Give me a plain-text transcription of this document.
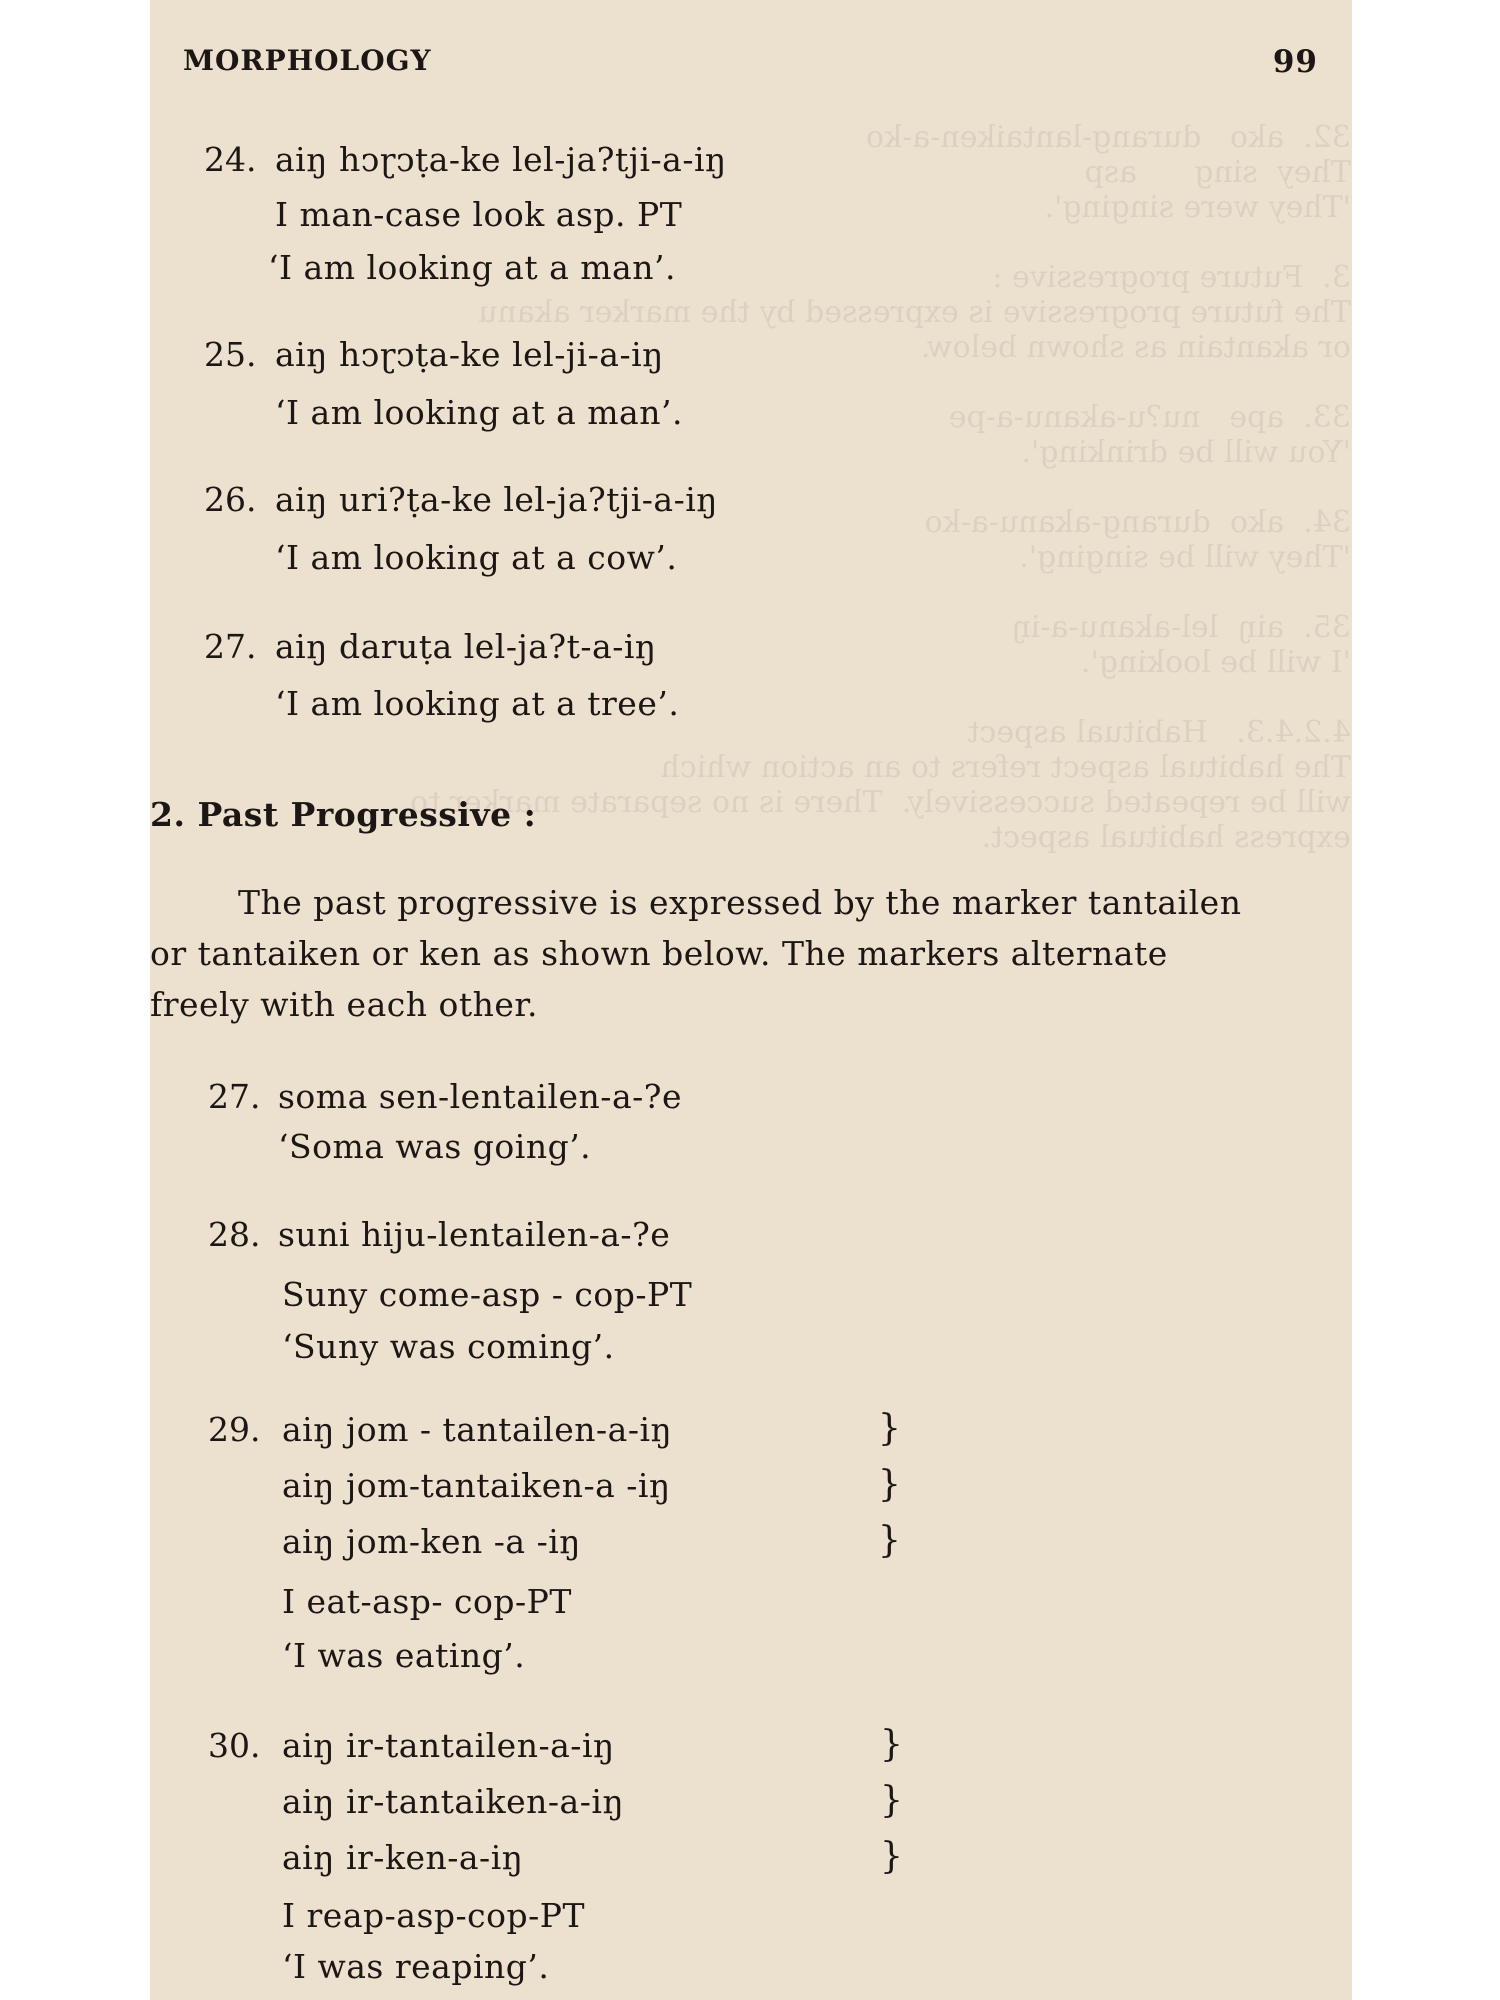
32.  ako   durang-lantaiken-a-ko
They  sing      asp
'They were singing'.

3.  Future progressive :
The future progressive is expressed by the marker akanu
or akantain as shown below.

33.  ape   nu?u-akanu-a-pe
'You will be drinking'.

34.  ako  durang-akanu-a-ko
'They will be singing'.

35.  aiŋ  lel-akanu-a-iŋ
'I will be looking'.

4.2.4.3.   Habitual aspect
The habitual aspect refers to an action which
will be repeated successively.  There is no separate marker to
express habitual aspect.
MORPHOLOGY	99
24. aiŋ hↄɽↄṭa-ke lel-ja?tji-a-iŋ
I man-case look asp. PT
‘I am looking at a man’.
25. aiŋ hↄɽↄṭa-ke lel-ji-a-iŋ
‘I am looking at a man’.
26. aiŋ uri?ṭa-ke lel-ja?tji-a-iŋ
‘I am looking at a cow’.
27. aiŋ daruṭa lel-ja?t-a-iŋ
‘I am looking at a tree’.
2. Past Progressive :
The past progressive is expressed by the marker tantailen
or tantaiken or ken as shown below. The markers alternate
freely with each other.
27. soma sen-lentailen-a-?e
‘Soma was going’.
28. suni hiju-lentailen-a-?e
Suny come-asp - cop-PT
‘Suny was coming’.
29. aiŋ jom - tantailen-a-iŋ
aiŋ jom-tantaiken-a -iŋ
aiŋ jom-ken -a -iŋ
}
}
}
I eat-asp- cop-PT
‘I was eating’.
30. aiŋ ir-tantailen-a-iŋ
aiŋ ir-tantaiken-a-iŋ
aiŋ ir-ken-a-iŋ
}
}
}
I reap-asp-cop-PT
‘I was reaping’.
